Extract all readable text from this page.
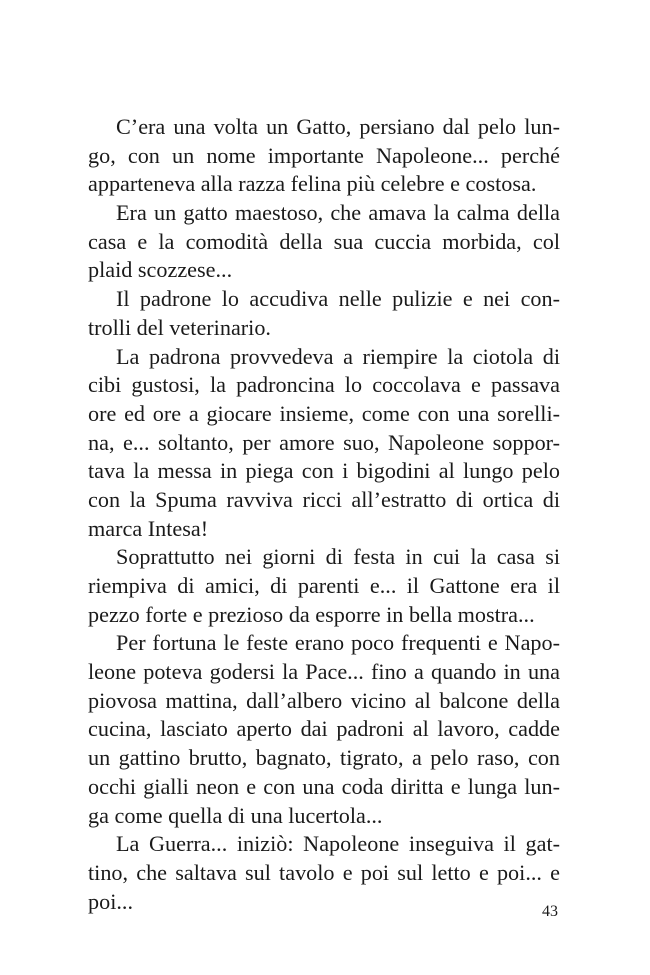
C’era una volta un Gatto, persiano dal pelo lun-
go, con un nome importante Napoleone... perché
apparteneva alla razza felina più celebre e costosa.
Era un gatto maestoso, che amava la calma della
casa e la comodità della sua cuccia morbida, col
plaid scozzese...
Il padrone lo accudiva nelle pulizie e nei con-
trolli del veterinario.
La padrona provvedeva a riempire la ciotola di
cibi gustosi, la padroncina lo coccolava e passava
ore ed ore a giocare insieme, come con una sorelli-
na, e... soltanto, per amore suo, Napoleone soppor-
tava la messa in piega con i bigodini al lungo pelo
con la Spuma ravviva ricci all’estratto di ortica di
marca Intesa!
Soprattutto nei giorni di festa in cui la casa si
riempiva di amici, di parenti e... il Gattone era il
pezzo forte e prezioso da esporre in bella mostra...
Per fortuna le feste erano poco frequenti e Napo-
leone poteva godersi la Pace... fino a quando in una
piovosa mattina, dall’albero vicino al balcone della
cucina, lasciato aperto dai padroni al lavoro, cadde
un gattino brutto, bagnato, tigrato, a pelo raso, con
occhi gialli neon e con una coda diritta e lunga lun-
ga come quella di una lucertola...
La Guerra... iniziò: Napoleone inseguiva il gat-
tino, che saltava sul tavolo e poi sul letto e poi... e
poi...	43
